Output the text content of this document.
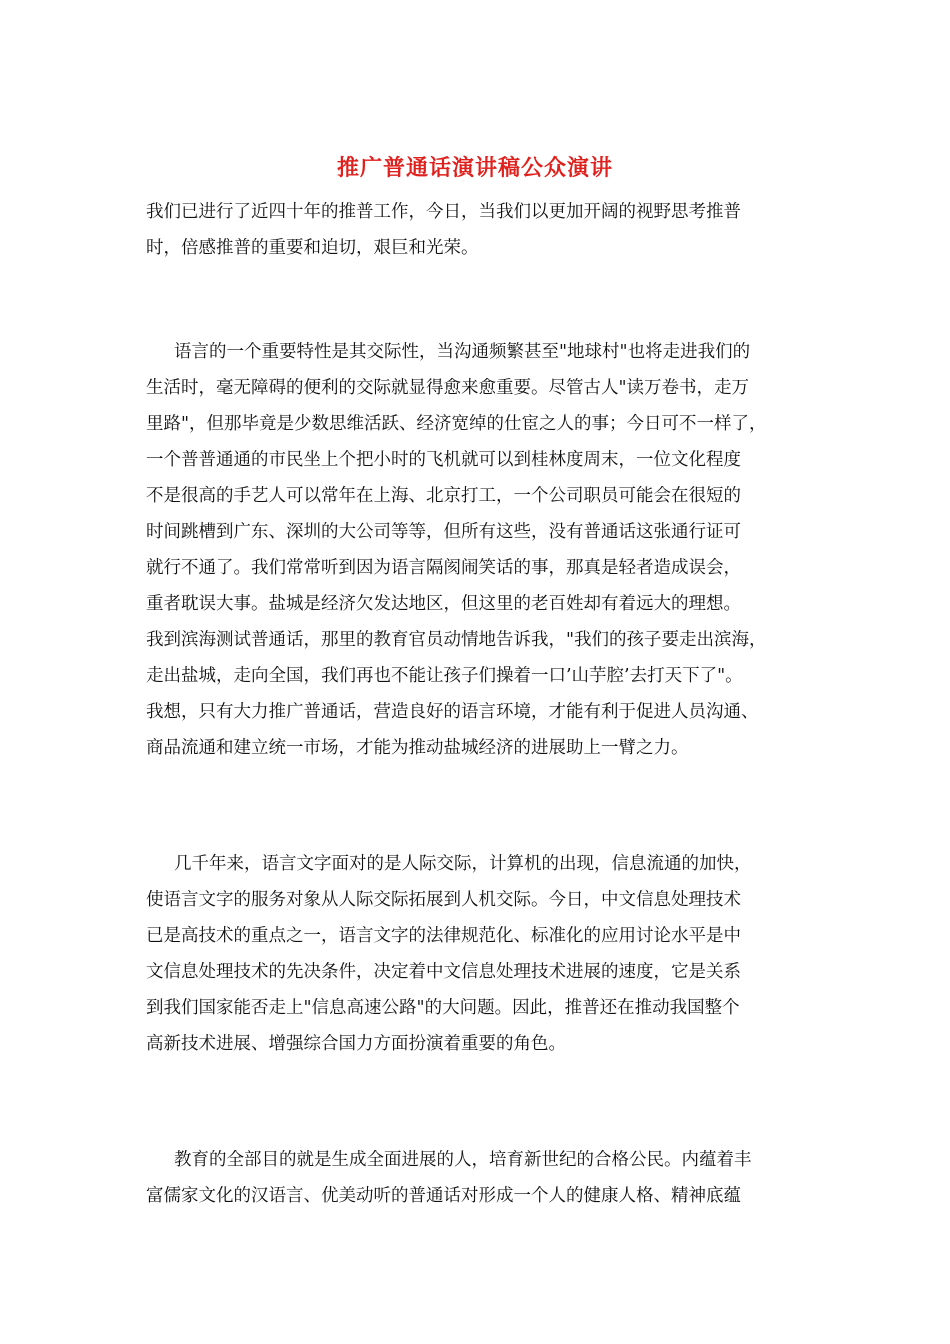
推广普通话演讲稿公众演讲
我们已进行了近四十年的推普工作，今日，当我们以更加开阔的视野思考推普
时，倍感推普的重要和迫切，艰巨和光荣。
语言的一个重要特性是其交际性，当沟通频繁甚至"地球村"也将走进我们的
生活时，毫无障碍的便利的交际就显得愈来愈重要。尽管古人"读万卷书，走万
里路"，但那毕竟是少数思维活跃、经济宽绰的仕宦之人的事；今日可不一样了，
一个普普通通的市民坐上个把小时的飞机就可以到桂林度周末，一位文化程度
不是很高的手艺人可以常年在上海、北京打工，一个公司职员可能会在很短的
时间跳槽到广东、深圳的大公司等等，但所有这些，没有普通话这张通行证可
就行不通了。我们常常听到因为语言隔阂闹笑话的事，那真是轻者造成误会，
重者耽误大事。盐城是经济欠发达地区，但这里的老百姓却有着远大的理想。
我到滨海测试普通话，那里的教育官员动情地告诉我，"我们的孩子要走出滨海，
走出盐城，走向全国，我们再也不能让孩子们操着一口’山芋腔’去打天下了"。
我想，只有大力推广普通话，营造良好的语言环境，才能有利于促进人员沟通、
商品流通和建立统一市场，才能为推动盐城经济的进展助上一臂之力。
几千年来，语言文字面对的是人际交际，计算机的出现，信息流通的加快，
使语言文字的服务对象从人际交际拓展到人机交际。今日，中文信息处理技术
已是高技术的重点之一，语言文字的法律规范化、标准化的应用讨论水平是中
文信息处理技术的先决条件，决定着中文信息处理技术进展的速度，它是关系
到我们国家能否走上"信息高速公路"的大问题。因此，推普还在推动我国整个
高新技术进展、增强综合国力方面扮演着重要的角色。
教育的全部目的就是生成全面进展的人，培育新世纪的合格公民。内蕴着丰
富儒家文化的汉语言、优美动听的普通话对形成一个人的健康人格、精神底蕴
